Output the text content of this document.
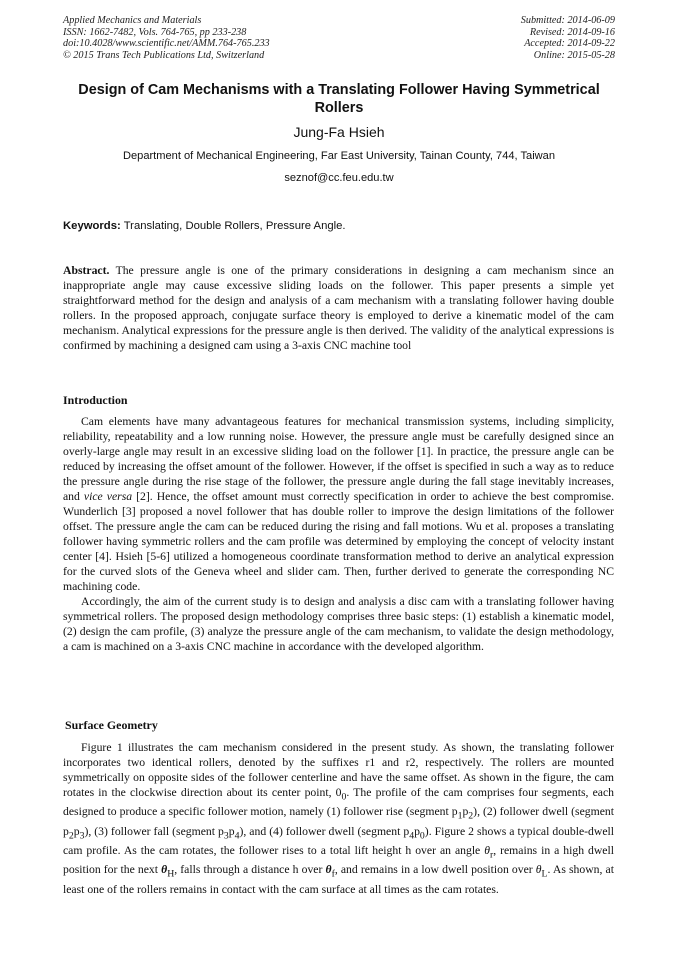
Applied Mechanics and Materials
ISSN: 1662-7482, Vols. 764-765, pp 233-238
doi:10.4028/www.scientific.net/AMM.764-765.233
© 2015 Trans Tech Publications Ltd, Switzerland
Submitted: 2014-06-09
Revised: 2014-09-16
Accepted: 2014-09-22
Online: 2015-05-28
Design of Cam Mechanisms with a Translating Follower Having Symmetrical Rollers
Jung-Fa Hsieh
Department of Mechanical Engineering, Far East University, Tainan County, 744, Taiwan
seznof@cc.feu.edu.tw
Keywords: Translating, Double Rollers, Pressure Angle.

Abstract. The pressure angle is one of the primary considerations in designing a cam mechanism since an inappropriate angle may cause excessive sliding loads on the follower. This paper presents a simple yet straightforward method for the design and analysis of a cam mechanism with a translating follower having double rollers. In the proposed approach, conjugate surface theory is employed to derive a kinematic model of the cam mechanism. Analytical expressions for the pressure angle is then derived. The validity of the analytical expressions is confirmed by machining a designed cam using a 3-axis CNC machine tool

Introduction

Cam elements have many advantageous features for mechanical transmission systems, including simplicity, reliability, repeatability and a low running noise. However, the pressure angle must be carefully designed since an overly-large angle may result in an excessive sliding load on the follower [1]. In practice, the pressure angle can be reduced by increasing the offset amount of the follower. However, if the offset is specified in such a way as to reduce the pressure angle during the rise stage of the follower, the pressure angle during the fall stage inevitably increases, and vice versa [2]. Hence, the offset amount must correctly specification in order to achieve the best compromise. Wunderlich [3] proposed a novel follower that has double roller to improve the design limitations of the follower offset. The pressure angle the cam can be reduced during the rising and fall motions. Wu et al. proposes a translating follower having symmetric rollers and the cam profile was determined by employing the concept of velocity instant center [4]. Hsieh [5-6] utilized a homogeneous coordinate transformation method to derive an analytical expression for the curved slots of the Geneva wheel and slider cam. Then, further derived to generate the corresponding NC machining code.

Accordingly, the aim of the current study is to design and analysis a disc cam with a translating follower having symmetrical rollers. The proposed design methodology comprises three basic steps: (1) establish a kinematic model, (2) design the cam profile, (3) analyze the pressure angle of the cam mechanism, to validate the design methodology, a cam is machined on a 3-axis CNC machine in accordance with the developed algorithm.

Surface Geometry

Figure 1 illustrates the cam mechanism considered in the present study. As shown, the translating follower incorporates two identical rollers, denoted by the suffixes r1 and r2, respectively. The rollers are mounted symmetrically on opposite sides of the follower centerline and have the same offset. As shown in the figure, the cam rotates in the clockwise direction about its center point, $0_0$. The profile of the cam comprises four segments, each designed to produce a specific follower motion, namely (1) follower rise (segment $p_1p_2$), (2) follower dwell (segment $p_2p_3$), (3) follower fall (segment $p_3p_4$), and (4) follower dwell (segment $p_4p_0$). Figure 2 shows a typical double-dwell cam profile. As the cam rotates, the follower rises to a total lift height h over an angle $\theta_r$, remains in a high dwell position for the next $\theta_H$, falls through a distance h over $\theta_f$, and remains in a low dwell position over $\theta_L$. As shown, at least one of the rollers remains in contact with the cam surface at all times as the cam rotates.
